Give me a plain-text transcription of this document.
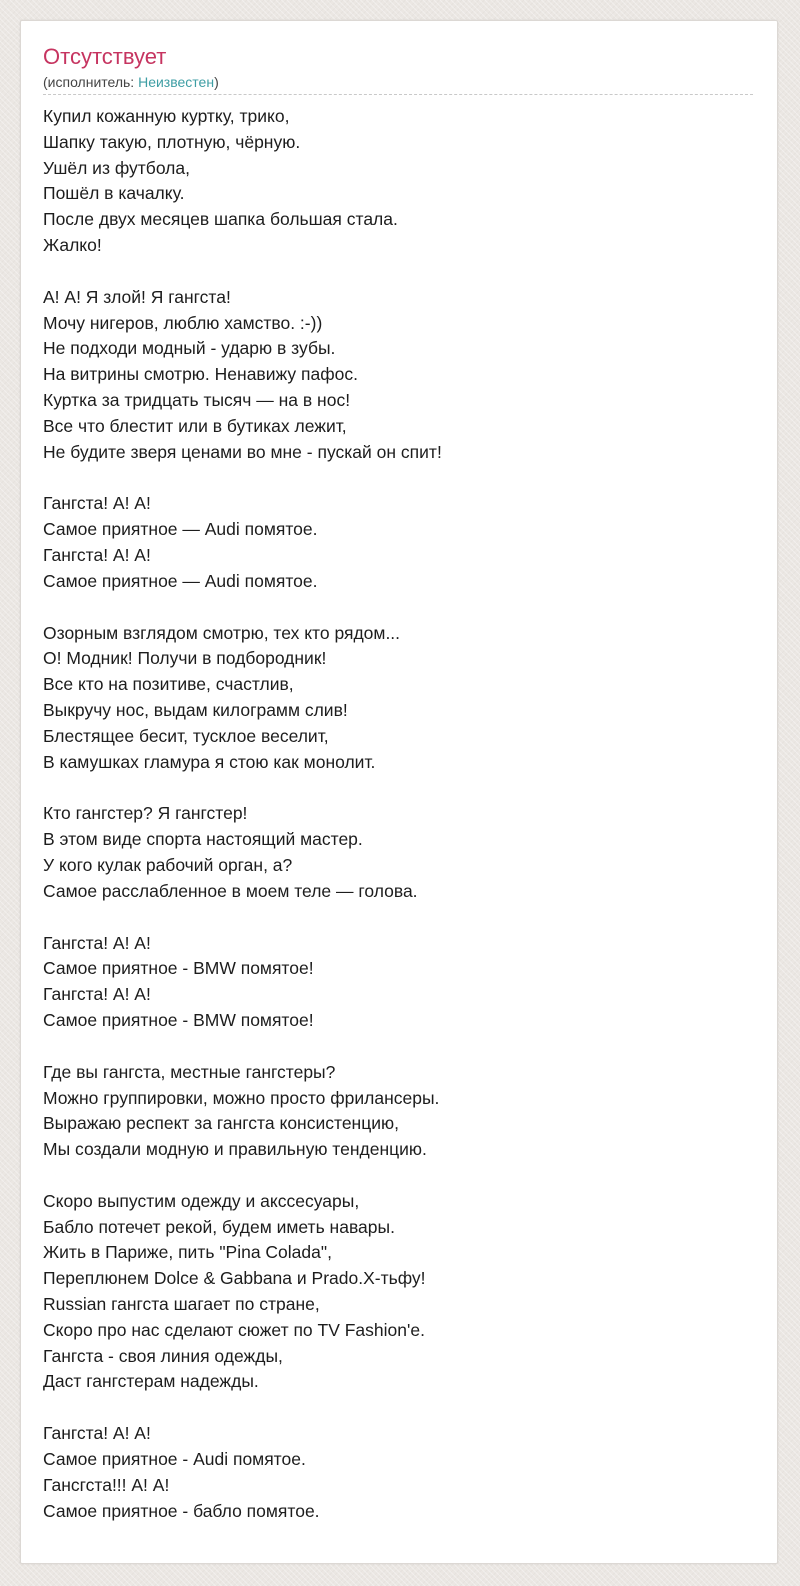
Отсутствует
(исполнитель: Неизвестен)
Купил кожанную куртку, трико,
Шапку такую, плотную, чёрную.
Ушёл из футбола,
Пошёл в качалку.
После двух месяцев шапка большая стала.
Жалко!
А! А! Я злой! Я гангста!
Мочу нигеров, люблю хамство. :-))
Не подходи модный - ударю в зубы.
На витрины смотрю. Ненавижу пафос.
Куртка за тридцать тысяч — на в нос!
Все что блестит или в бутиках лежит,
Не будите зверя ценами во мне - пускай он спит!
Гангста! А! А!
Самое приятное — Audi помятое.
Гангста! А! А!
Самое приятное — Audi помятое.
Озорным взглядом смотрю, тех кто рядом...
О! Модник! Получи в подбородник!
Все кто на позитиве, счастлив,
Выкручу нос, выдам килограмм слив!
Блестящее бесит, тусклое веселит,
В камушках гламура я стою как монолит.
Кто гангстер? Я гангстер!
В этом виде спорта настоящий мастер.
У кого кулак рабочий орган, а?
Самое расслабленное в моем теле — голова.
Гангста! А! А!
Самое приятное - BMW помятое!
Гангста! А! А!
Самое приятное - BMW помятое!
Где вы гангста, местные гангстеры?
Можно группировки, можно просто фрилансеры.
Выражаю респект за гангста консистенцию,
Мы создали модную и правильную тенденцию.
Скоро выпустим одежду и акссесуары,
Бабло потечет рекой, будем иметь навары.
Жить в Париже, пить "Pina Colada",
Переплюнем Dolce & Gabbana и Prado.Х-тьфу!
Russian гангста шагает по стране,
Скоро про нас сделают сюжет по TV Fashion'е.
Гангста - своя линия одежды,
Даст гангстерам надежды.
Гангста! А! А!
Самое приятное - Audi помятое.
Гансгста!!! А! А!
Самое приятное - бабло помятое.
